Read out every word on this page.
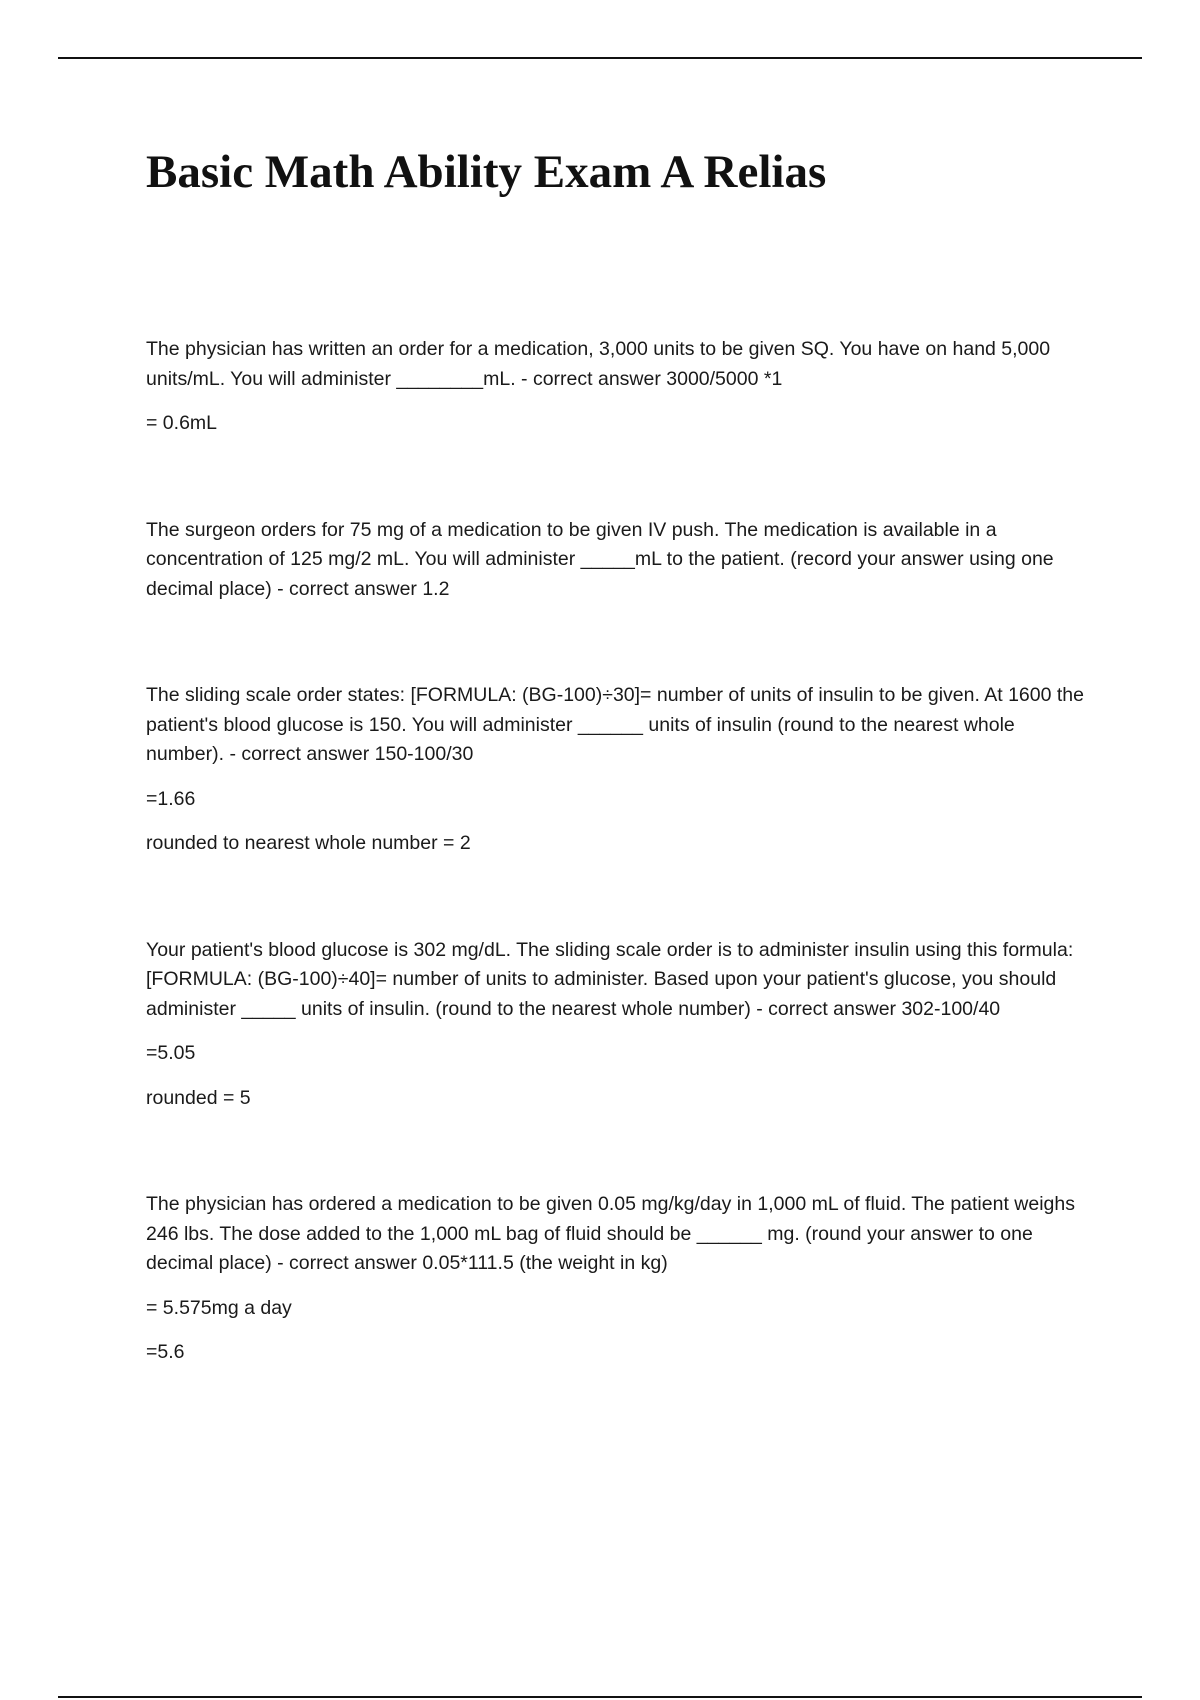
Basic Math Ability Exam A Relias

The physician has written an order for a medication, 3,000 units to be given SQ. You have on hand 5,000 units/mL. You will administer ________mL. - correct answer 3000/5000 *1

= 0.6mL

The surgeon orders for 75 mg of a medication to be given IV push. The medication is available in a concentration of 125 mg/2 mL. You will administer _____mL to the patient. (record your answer using one decimal place) - correct answer 1.2

The sliding scale order states: [FORMULA: (BG-100)÷30]= number of units of insulin to be given. At 1600 the patient's blood glucose is 150. You will administer ______ units of insulin (round to the nearest whole number). - correct answer 150-100/30

=1.66

rounded to nearest whole number = 2

Your patient's blood glucose is 302 mg/dL. The sliding scale order is to administer insulin using this formula: [FORMULA: (BG-100)÷40]= number of units to administer. Based upon your patient's glucose, you should administer _____ units of insulin. (round to the nearest whole number) - correct answer 302-100/40

=5.05

rounded = 5

The physician has ordered a medication to be given 0.05 mg/kg/day in 1,000 mL of fluid. The patient weighs 246 lbs. The dose added to the 1,000 mL bag of fluid should be ______ mg. (round your answer to one decimal place) - correct answer 0.05*111.5 (the weight in kg)

= 5.575mg a day

=5.6
